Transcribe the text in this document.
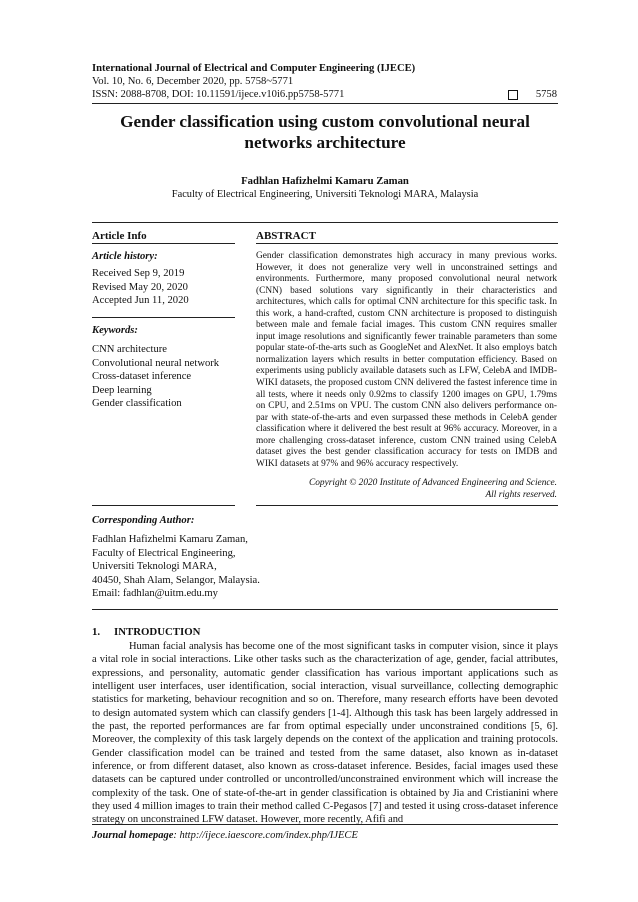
International Journal of Electrical and Computer Engineering (IJECE)
Vol. 10, No. 6, December 2020, pp. 5758~5771
ISSN: 2088-8708, DOI: 10.11591/ijece.v10i6.pp5758-5771	5758
Gender classification using custom convolutional neural networks architecture
Fadhlan Hafizhelmi Kamaru Zaman
Faculty of Electrical Engineering, Universiti Teknologi MARA, Malaysia
Article Info	ABSTRACT
Article history:
Received Sep 9, 2019
Revised May 20, 2020
Accepted Jun 11, 2020
Keywords:
CNN architecture
Convolutional neural network
Cross-dataset inference
Deep learning
Gender classification
Gender classification demonstrates high accuracy in many previous works. However, it does not generalize very well in unconstrained settings and environments. Furthermore, many proposed convolutional neural network (CNN) based solutions vary significantly in their characteristics and architectures, which calls for optimal CNN architecture for this specific task. In this work, a hand-crafted, custom CNN architecture is proposed to distinguish between male and female facial images. This custom CNN requires smaller input image resolutions and significantly fewer trainable parameters than some popular state-of-the-arts such as GoogleNet and AlexNet. It also employs batch normalization layers which results in better computation efficiency. Based on experiments using publicly available datasets such as LFW, CelebA and IMDB-WIKI datasets, the proposed custom CNN delivered the fastest inference time in all tests, where it needs only 0.92ms to classify 1200 images on GPU, 1.79ms on CPU, and 2.51ms on VPU. The custom CNN also delivers performance on-par with state-of-the-arts and even surpassed these methods in CelebA gender classification where it delivered the best result at 96% accuracy. Moreover, in a more challenging cross-dataset inference, custom CNN trained using CelebA dataset gives the best gender classification accuracy for tests on IMDB and WIKI datasets at 97% and 96% accuracy respectively.
Copyright © 2020 Institute of Advanced Engineering and Science.
All rights reserved.
Corresponding Author:
Fadhlan Hafizhelmi Kamaru Zaman,
Faculty of Electrical Engineering,
Universiti Teknologi MARA,
40450, Shah Alam, Selangor, Malaysia.
Email: fadhlan@uitm.edu.my
1. INTRODUCTION
Human facial analysis has become one of the most significant tasks in computer vision, since it plays a vital role in social interactions. Like other tasks such as the characterization of age, gender, facial attributes, expressions, and personality, automatic gender classification has various important applications such as intelligent user interfaces, user identification, social interaction, visual surveillance, collecting demographic statistics for marketing, behaviour recognition and so on. Therefore, many research efforts have been devoted to design automated system which can classify genders [1-4]. Although this task has been largely addressed in the past, the reported performances are far from optimal especially under unconstrained conditions [5, 6]. Moreover, the complexity of this task largely depends on the context of the application and training protocols. Gender classification model can be trained and tested from the same dataset, also known as in-dataset inference, or from different dataset, also known as cross-dataset inference. Besides, facial images used these datasets can be captured under controlled or uncontrolled/unconstrained environment which will increase the complexity of the task. One of state-of-the-art in gender classification is obtained by Jia and Cristianini where they used 4 million images to train their method called C-Pegasos [7] and tested it using cross-dataset inference strategy on unconstrained LFW dataset. However, more recently, Afifi and
Journal homepage: http://ijece.iaescore.com/index.php/IJECE
